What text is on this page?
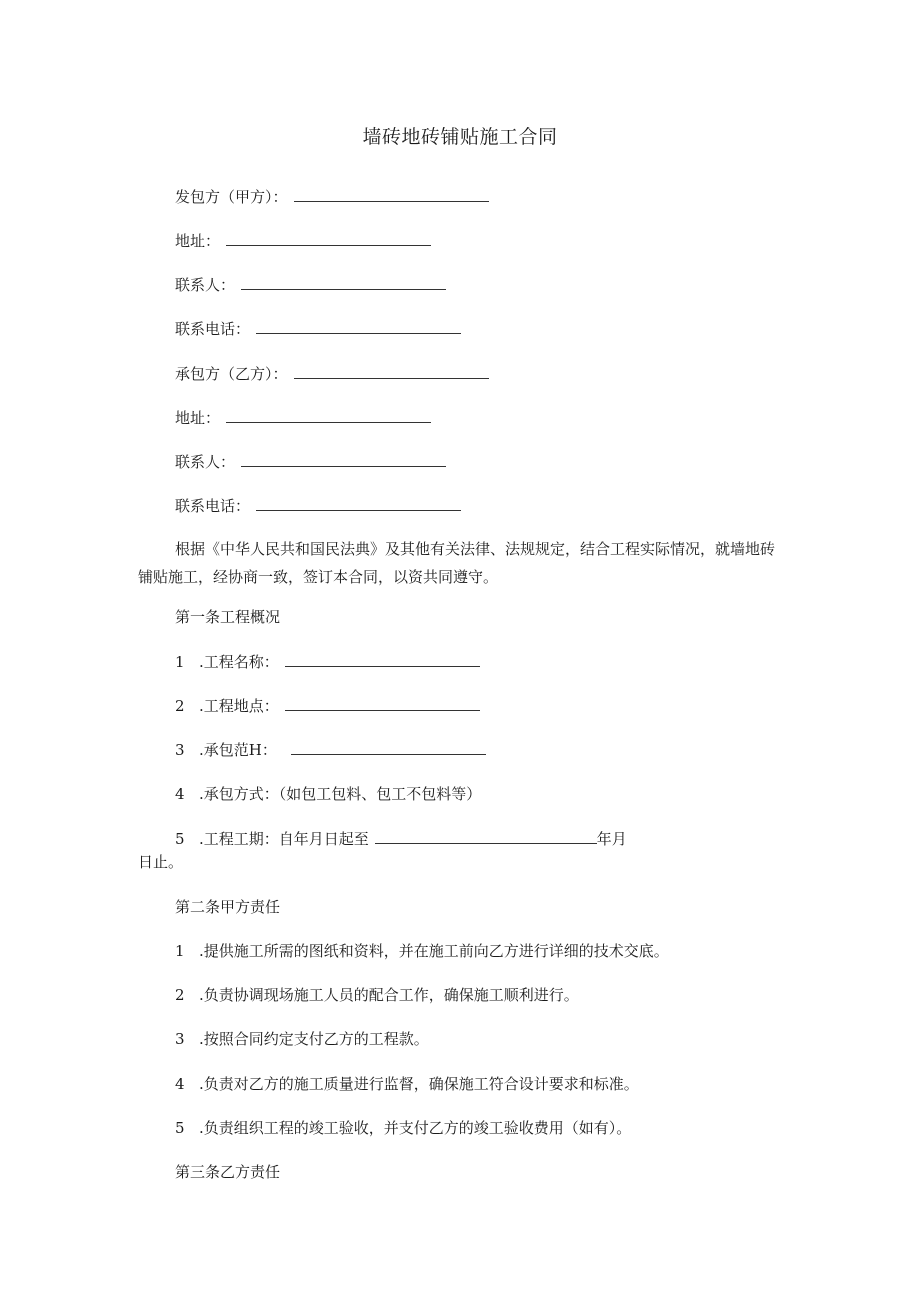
墙砖地砖铺贴施工合同
发包方（甲方）：
地址：
联系人：
联系电话：
承包方（乙方）：
地址：
联系人：
联系电话：

根据《中华人民共和国民法典》及其他有关法律、法规规定，结合工程实际情况，就墙地砖铺贴施工，经协商一致，签订本合同，以资共同遵守。

第一条工程概况
1 .工程名称：
2 .工程地点：
3 .承包范H：
4 .承包方式：（如包工包料、包工不包料等）
5 .工程工期：自年月日起至	年月
日止。
第二条甲方责任
1 .提供施工所需的图纸和资料，并在施工前向乙方进行详细的技术交底。
2 .负责协调现场施工人员的配合工作，确保施工顺利进行。
3 .按照合同约定支付乙方的工程款。
4 .负责对乙方的施工质量进行监督，确保施工符合设计要求和标准。
5 .负责组织工程的竣工验收，并支付乙方的竣工验收费用（如有）。
第三条乙方责任
